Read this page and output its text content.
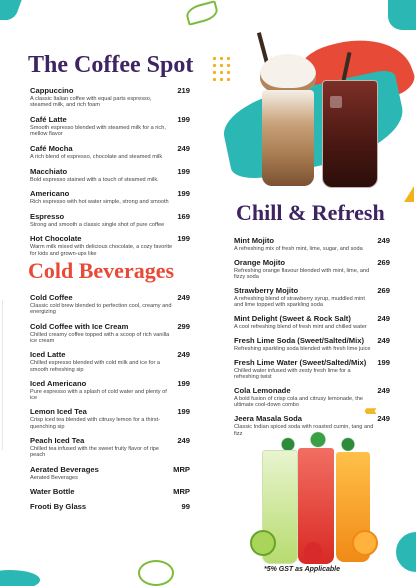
‹‹‹‹‹
The Coffee Spot
Cold Beverages
Chill & Refresh
Cappuccino	219
A classic Italian coffee with equal parts espresso, steamed milk, and rich foam
Café Latte	199
Smooth espresso blended with steamed milk for a rich, mellow flavor
Café Mocha	249
A rich blend of espresso, chocolate and steamed milk
Macchiato	199
Bold espresso stained with a touch of steamed milk.
Americano	199
Rich espresso with hot water simple, strong and smooth
Espresso	169
Strong and smooth a classic single shot of pure coffee
Hot Chocolate	199
Warm milk mixed with delicious chocolate, a cozy favorite for kids and grown-ups like
Cold Coffee	249
Classic cold brew blended to perfection cool, creamy and energizing
Cold Coffee with Ice Cream	299
Chilled creamy coffee topped with a scoop of rich vanilla ice cream
Iced Latte	249
Chilled espresso blended with cold milk and ice for a smooth refreshing sip
Iced Americano	199
Pure espresso with a splash of cold water and plenty of ice
Lemon Iced Tea	199
Crisp iced tea blended with citrusy lemon for a thirst-quenching sip
Peach Iced Tea	249
Chilled tea infused with the sweet fruity flavor of ripe peach
Aerated Beverages	MRP
Aerated Beverages
Water Bottle	MRP
Frooti By Glass	99
Mint Mojito	249
A refreshing mix of fresh mint, lime, sugar, and soda
Orange Mojito	269
Refreshing orange flavour blended with mint, lime, and fizzy soda
Strawberry Mojito	269
A refreshing blend of strawberry syrup, muddled mint and lime topped with sparkling soda
Mint Delight (Sweet & Rock Salt)	249
A cool refreshing blend of fresh mint and chilled water
Fresh Lime Soda (Sweet/Salted/Mix) 249
Refreshing sparkling soda blended with fresh lime juice
Fresh Lime Water (Sweet/Salted/Mix) 199
Chilled water infused with zesty fresh lime for a refreshing twist
Cola Lemonade	249
A bold fusion of crisp cola and citrusy lemonade, the ultimate cool-down combo
Jeera Masala Soda	249
Classic Indian spiced soda with roasted cumin, tang and fizz
*5% GST as Applicable
